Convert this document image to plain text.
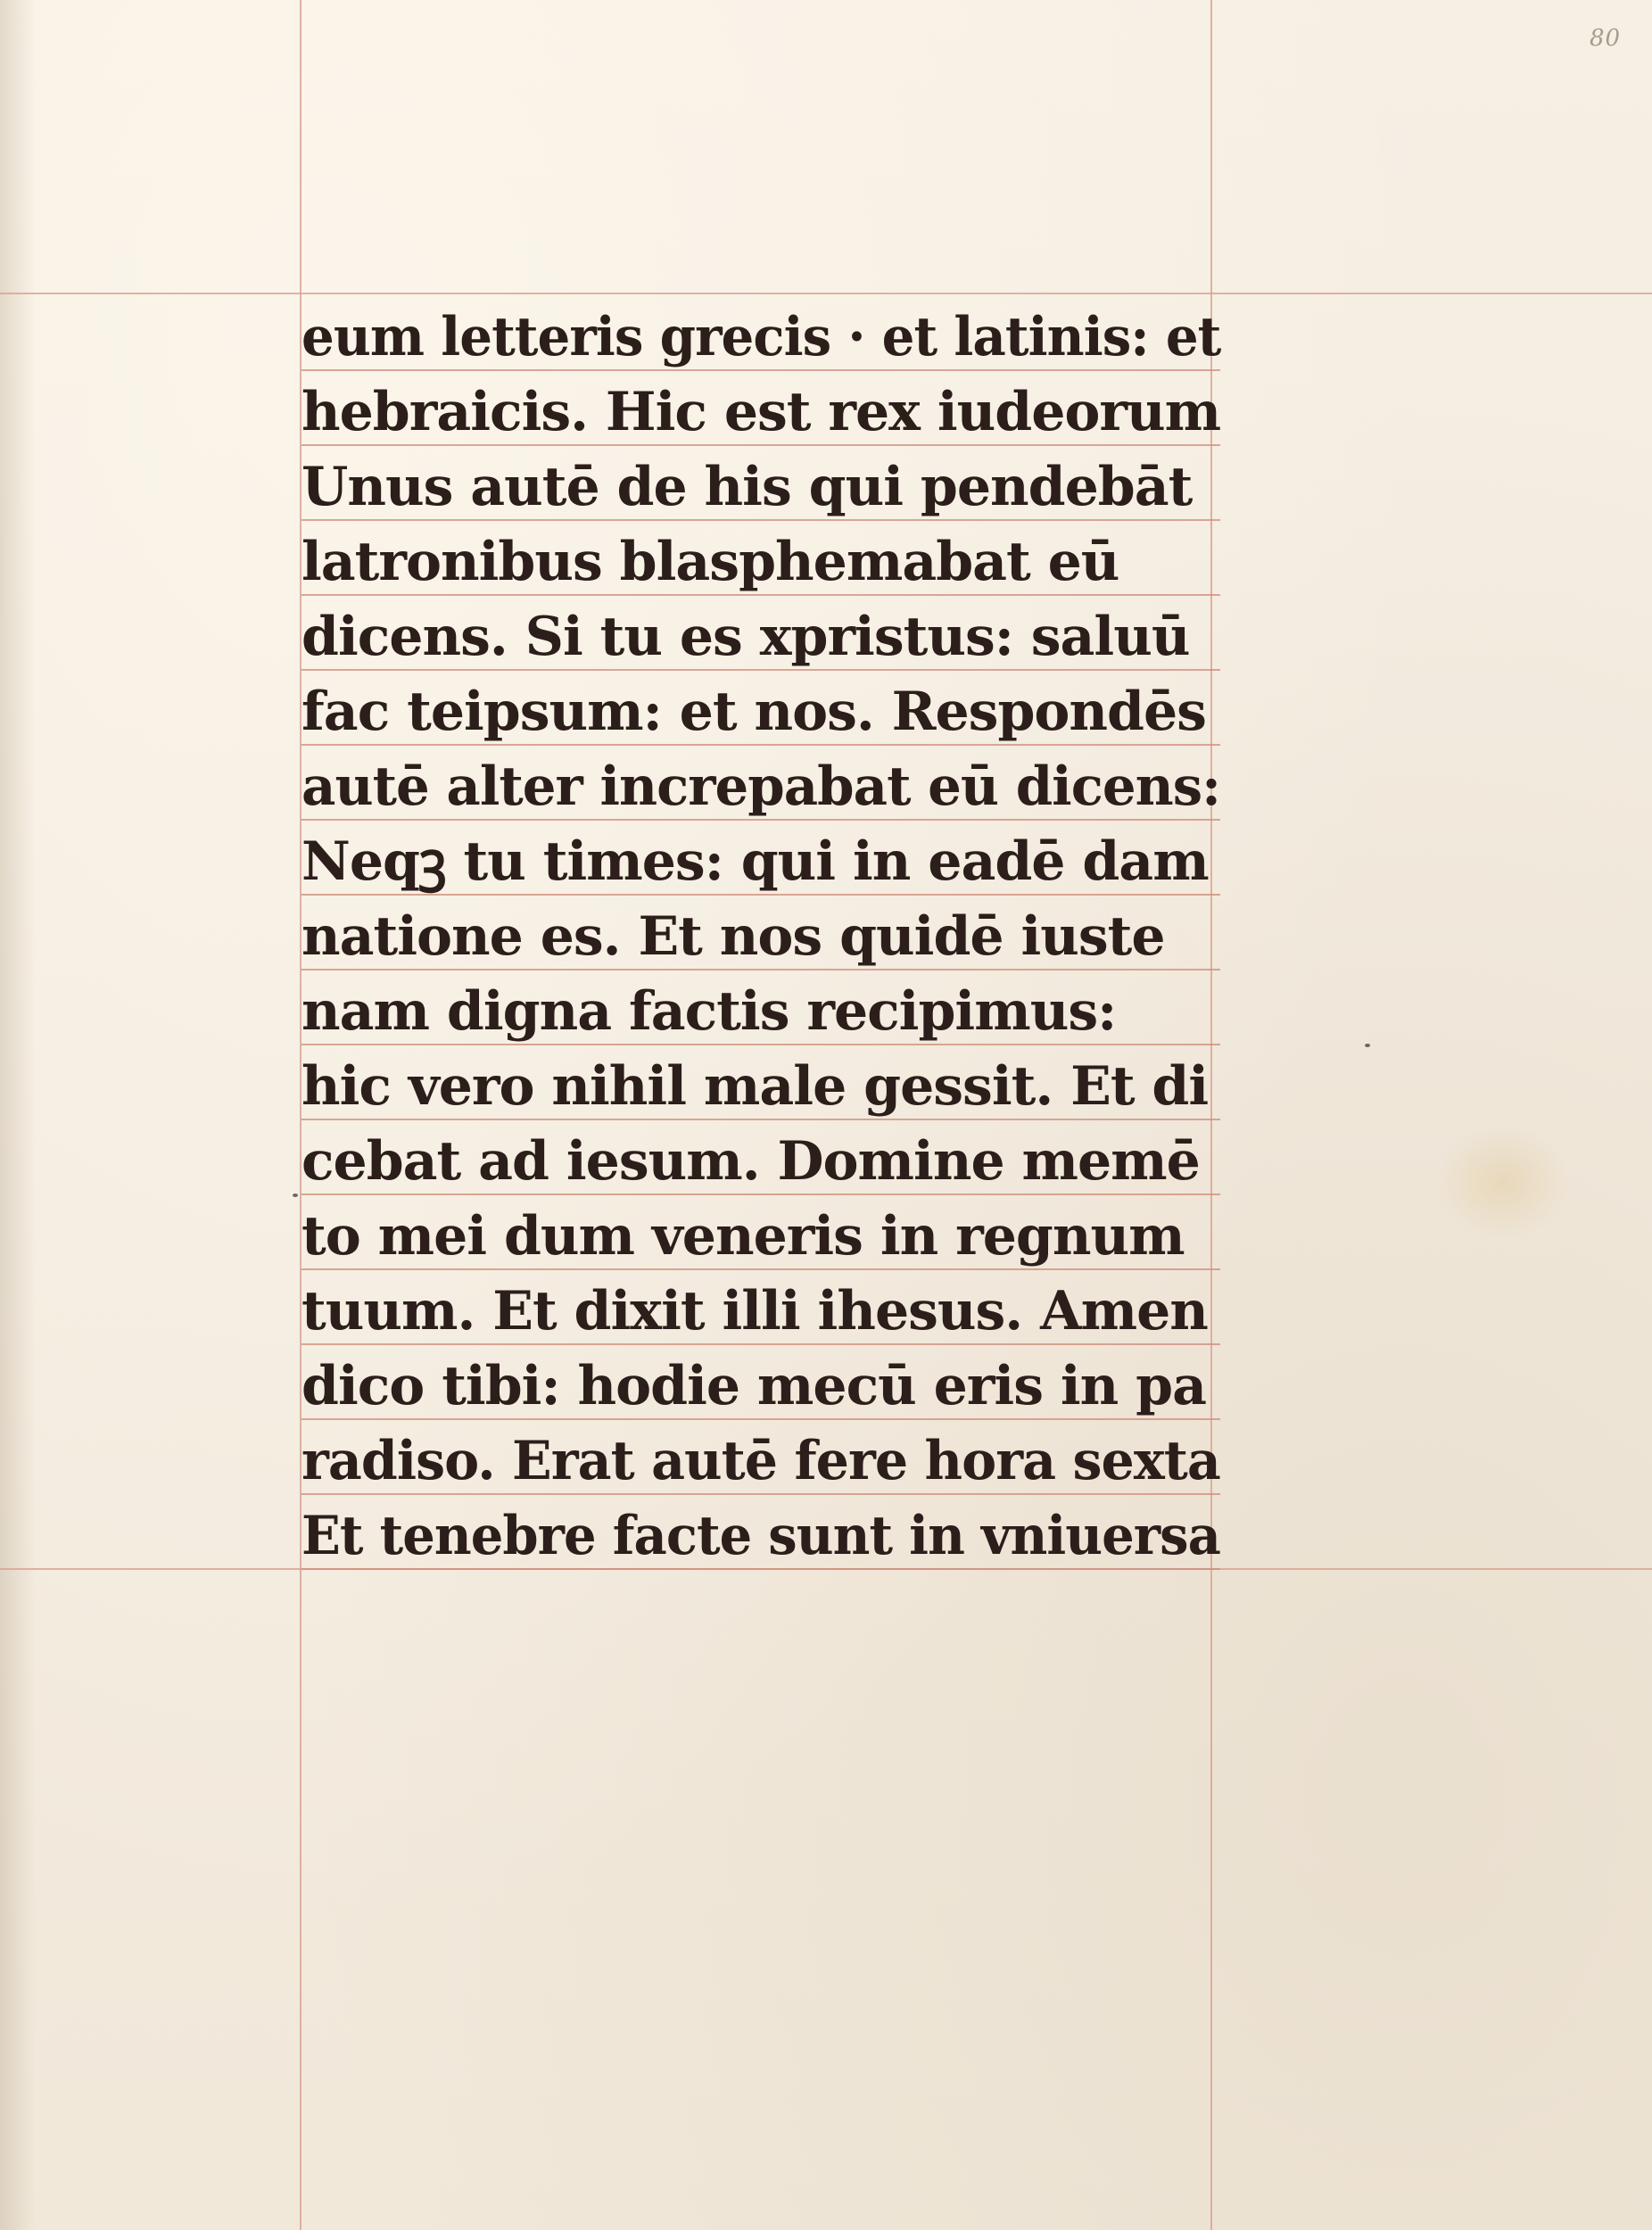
80
eum letteris grecis · et latinis: et
hebraicis. Hic est rex iudeorum
Unus autē de his qui pendebāt
latronibus blasphemabat eū
dicens. Si tu es xpristus: saluū
fac teipsum: et nos. Respondēs
autē alter increpabat eū dicens:
Neqꝫ tu times: qui in eadē dam
natione es. Et nos quidē iuste
nam digna factis recipimus:
hic vero nihil male gessit. Et di
cebat ad iesum. Domine memē
to mei dum veneris in regnum
tuum. Et dixit illi ihesus. Amen
dico tibi: hodie mecū eris in pa
radiso. Erat autē fere hora sexta
Et tenebre facte sunt in vniuersa
